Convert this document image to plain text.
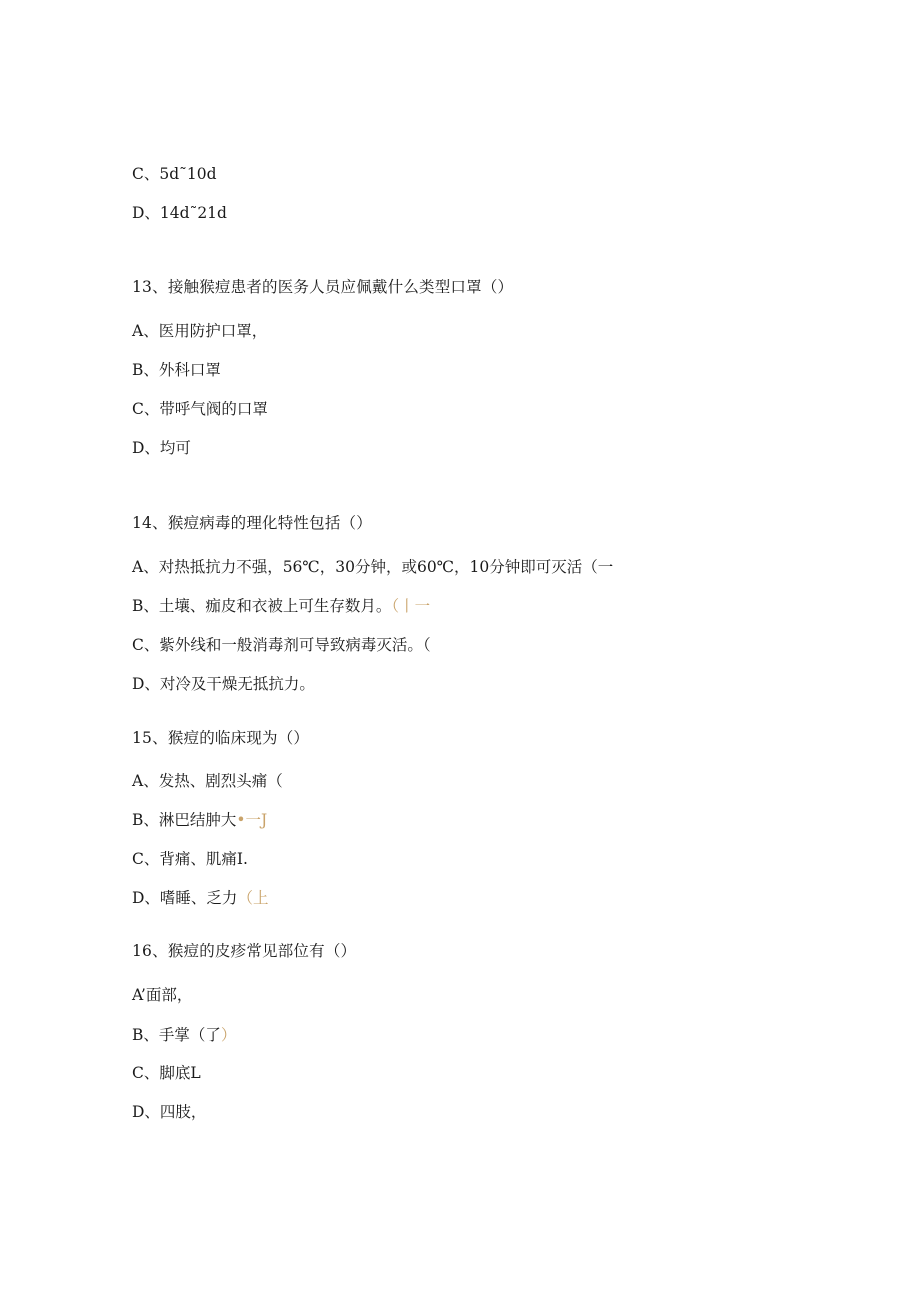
C、5d˜10d
D、14d˜21d
13、接触猴痘患者的医务人员应佩戴什么类型口罩（）
A、医用防护口罩，
B、外科口罩
C、带呼气阀的口罩
D、均可
14、猴痘病毒的理化特性包括（）
A、对热抵抗力不强，56℃，30分钟，或60℃，10分钟即可灭活（一
B、土壤、痂皮和衣被上可生存数月。（丨一
C、紫外线和一般消毒剂可导致病毒灭活。（
D、对冷及干燥无抵抗力。
15、猴痘的临床现为（）
A、发热、剧烈头痛（
B、淋巴结肿大•一J
C、背痛、肌痛I.
D、嗜睡、乏力（上
16、猴痘的皮疹常见部位有（）
A’面部，
B、手掌（了）
C、脚底L
D、四肢，
